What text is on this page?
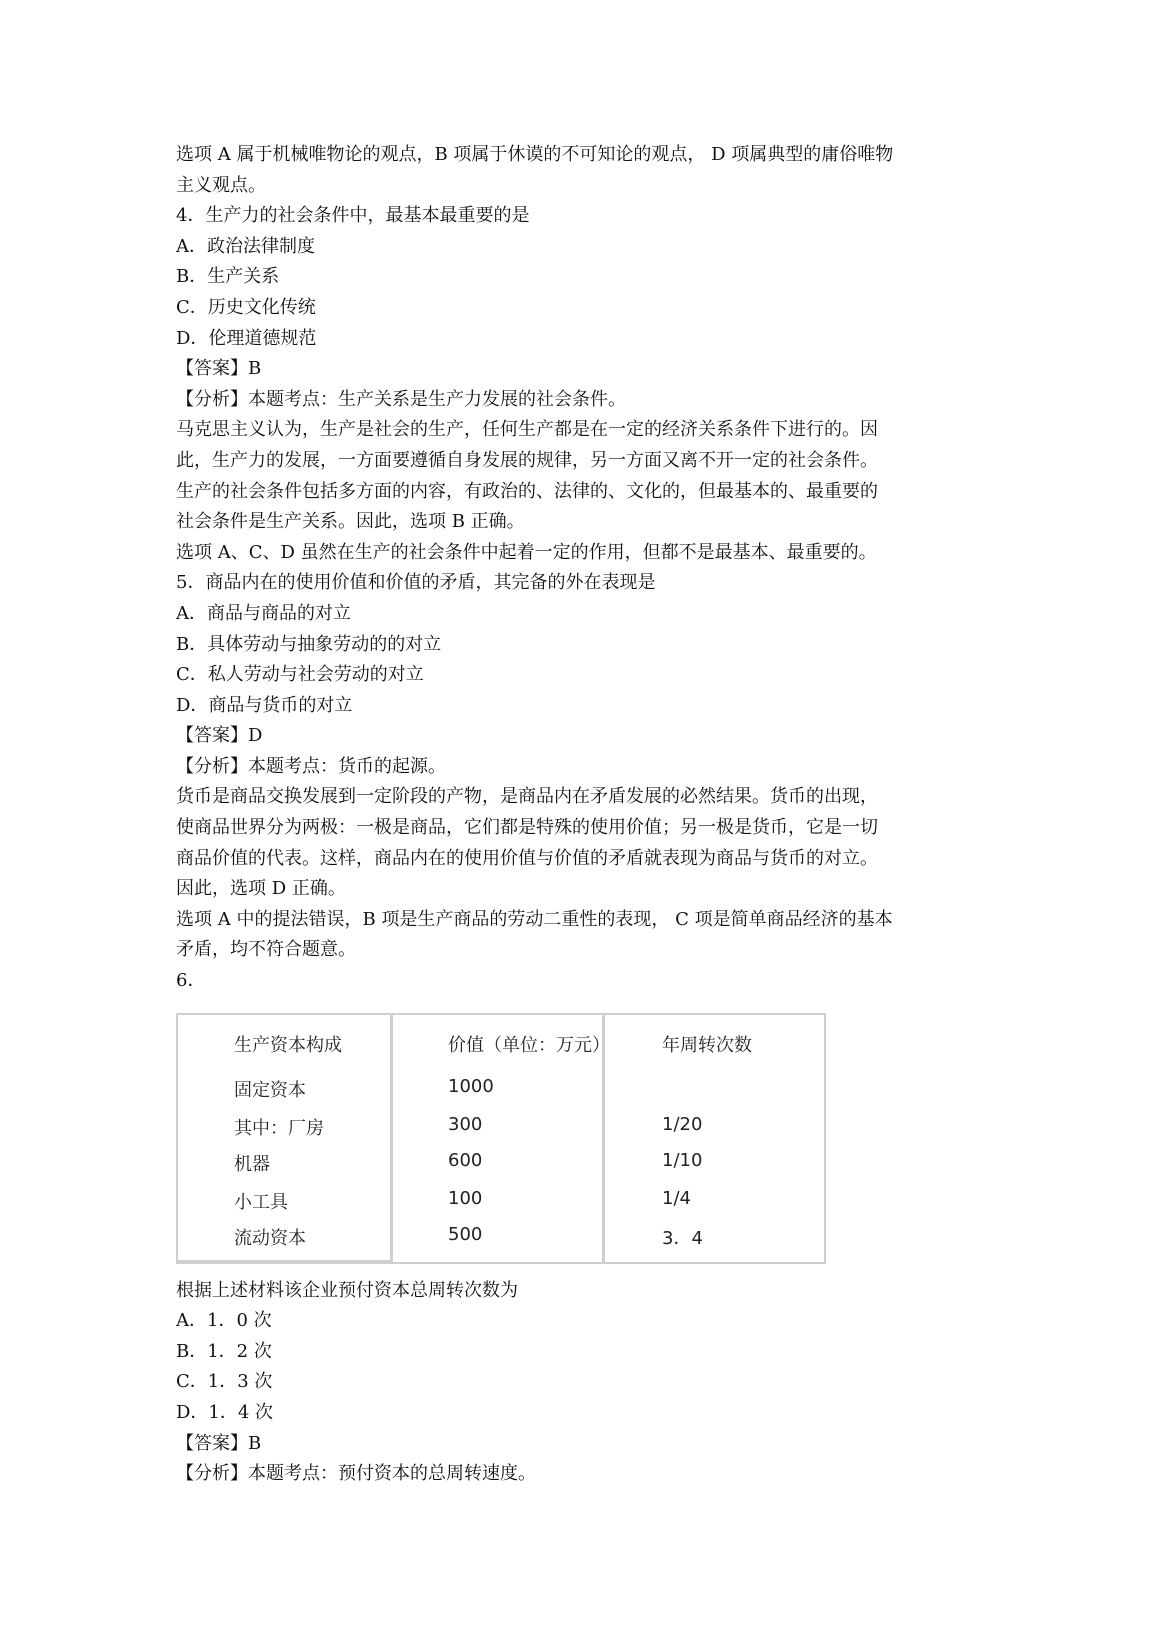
选项 A 属于机械唯物论的观点，B 项属于休谟的不可知论的观点， D 项属典型的庸俗唯物
主义观点。
4．生产力的社会条件中，最基本最重要的是
A．政治法律制度
B．生产关系
C．历史文化传统
D．伦理道德规范
【答案】B
【分析】本题考点：生产关系是生产力发展的社会条件。
马克思主义认为，生产是社会的生产，任何生产都是在一定的经济关系条件下进行的。因
此，生产力的发展，一方面要遵循自身发展的规律，另一方面又离不开一定的社会条件。
生产的社会条件包括多方面的内容，有政治的、法律的、文化的，但最基本的、最重要的
社会条件是生产关系。因此，选项 B 正确。
选项 A、C、D 虽然在生产的社会条件中起着一定的作用，但都不是最基本、最重要的。
5．商品内在的使用价值和价值的矛盾，其完备的外在表现是
A．商品与商品的对立
B．具体劳动与抽象劳动的的对立
C．私人劳动与社会劳动的对立
D．商品与货币的对立
【答案】D
【分析】本题考点：货币的起源。
货币是商品交换发展到一定阶段的产物，是商品内在矛盾发展的必然结果。货币的出现，
使商品世界分为两极：一极是商品，它们都是特殊的使用价值；另一极是货币，它是一切
商品价值的代表。这样，商品内在的使用价值与价值的矛盾就表现为商品与货币的对立。
因此，选项 D 正确。
选项 A 中的提法错误，B 项是生产商品的劳动二重性的表现， C 项是简单商品经济的基本
矛盾，均不符合题意。
6．
生产资本构成	价值（单位：万元）	年周转次数
固定资本	1000
其中：厂房	300	1/20
机器	600	1/10
小工具	100	1/4
流动资本	500	3．4
根据上述材料该企业预付资本总周转次数为
A．1．0 次
B．1．2 次
C．1．3 次
D．1．4 次
【答案】B
【分析】本题考点：预付资本的总周转速度。
